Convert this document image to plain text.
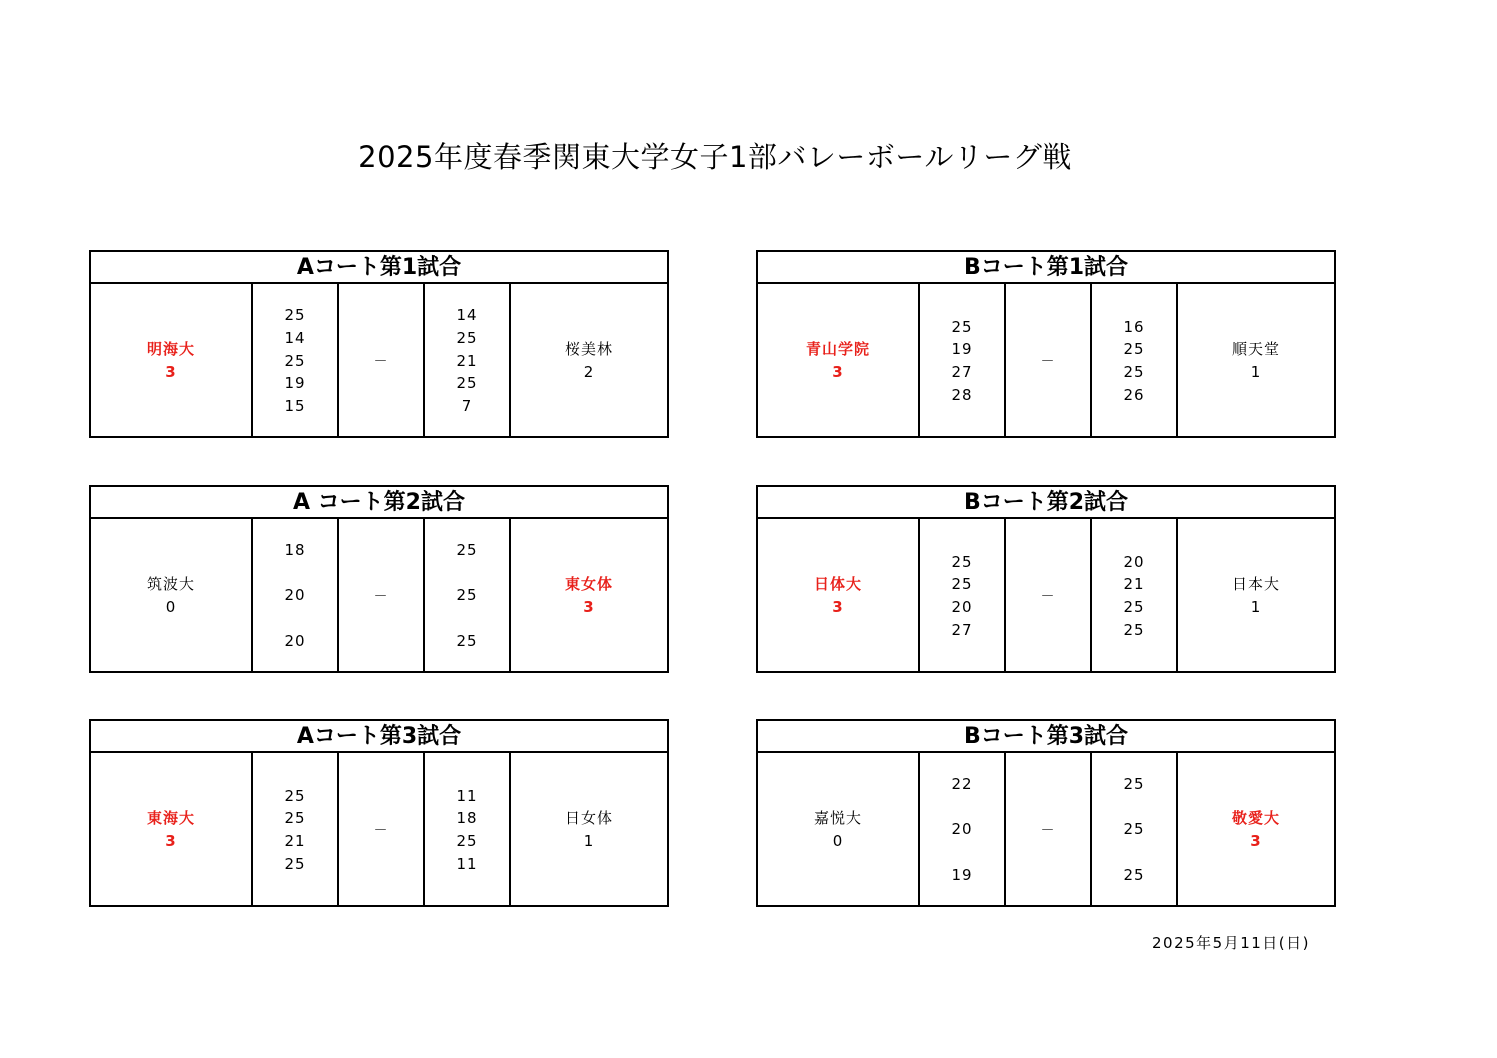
2025年度春季関東大学女子1部バレーボールリーグ戦
Aコート第1試合
明海大
3
25
14
25
19
15
－
14
25
21
25
7
桜美林
2
Bコート第1試合
青山学院
3
25
19
27
28
－
16
25
25
26
順天堂
1
A コート第2試合
筑波大
0
18
20
20
－
25
25
25
東女体
3
Bコート第2試合
日体大
3
25
25
20
27
－
20
21
25
25
日本大
1
Aコート第3試合
東海大
3
25
25
21
25
－
11
18
25
11
日女体
1
Bコート第3試合
嘉悦大
0
22
20
19
－
25
25
25
敬愛大
3
2025年5月11日(日)
